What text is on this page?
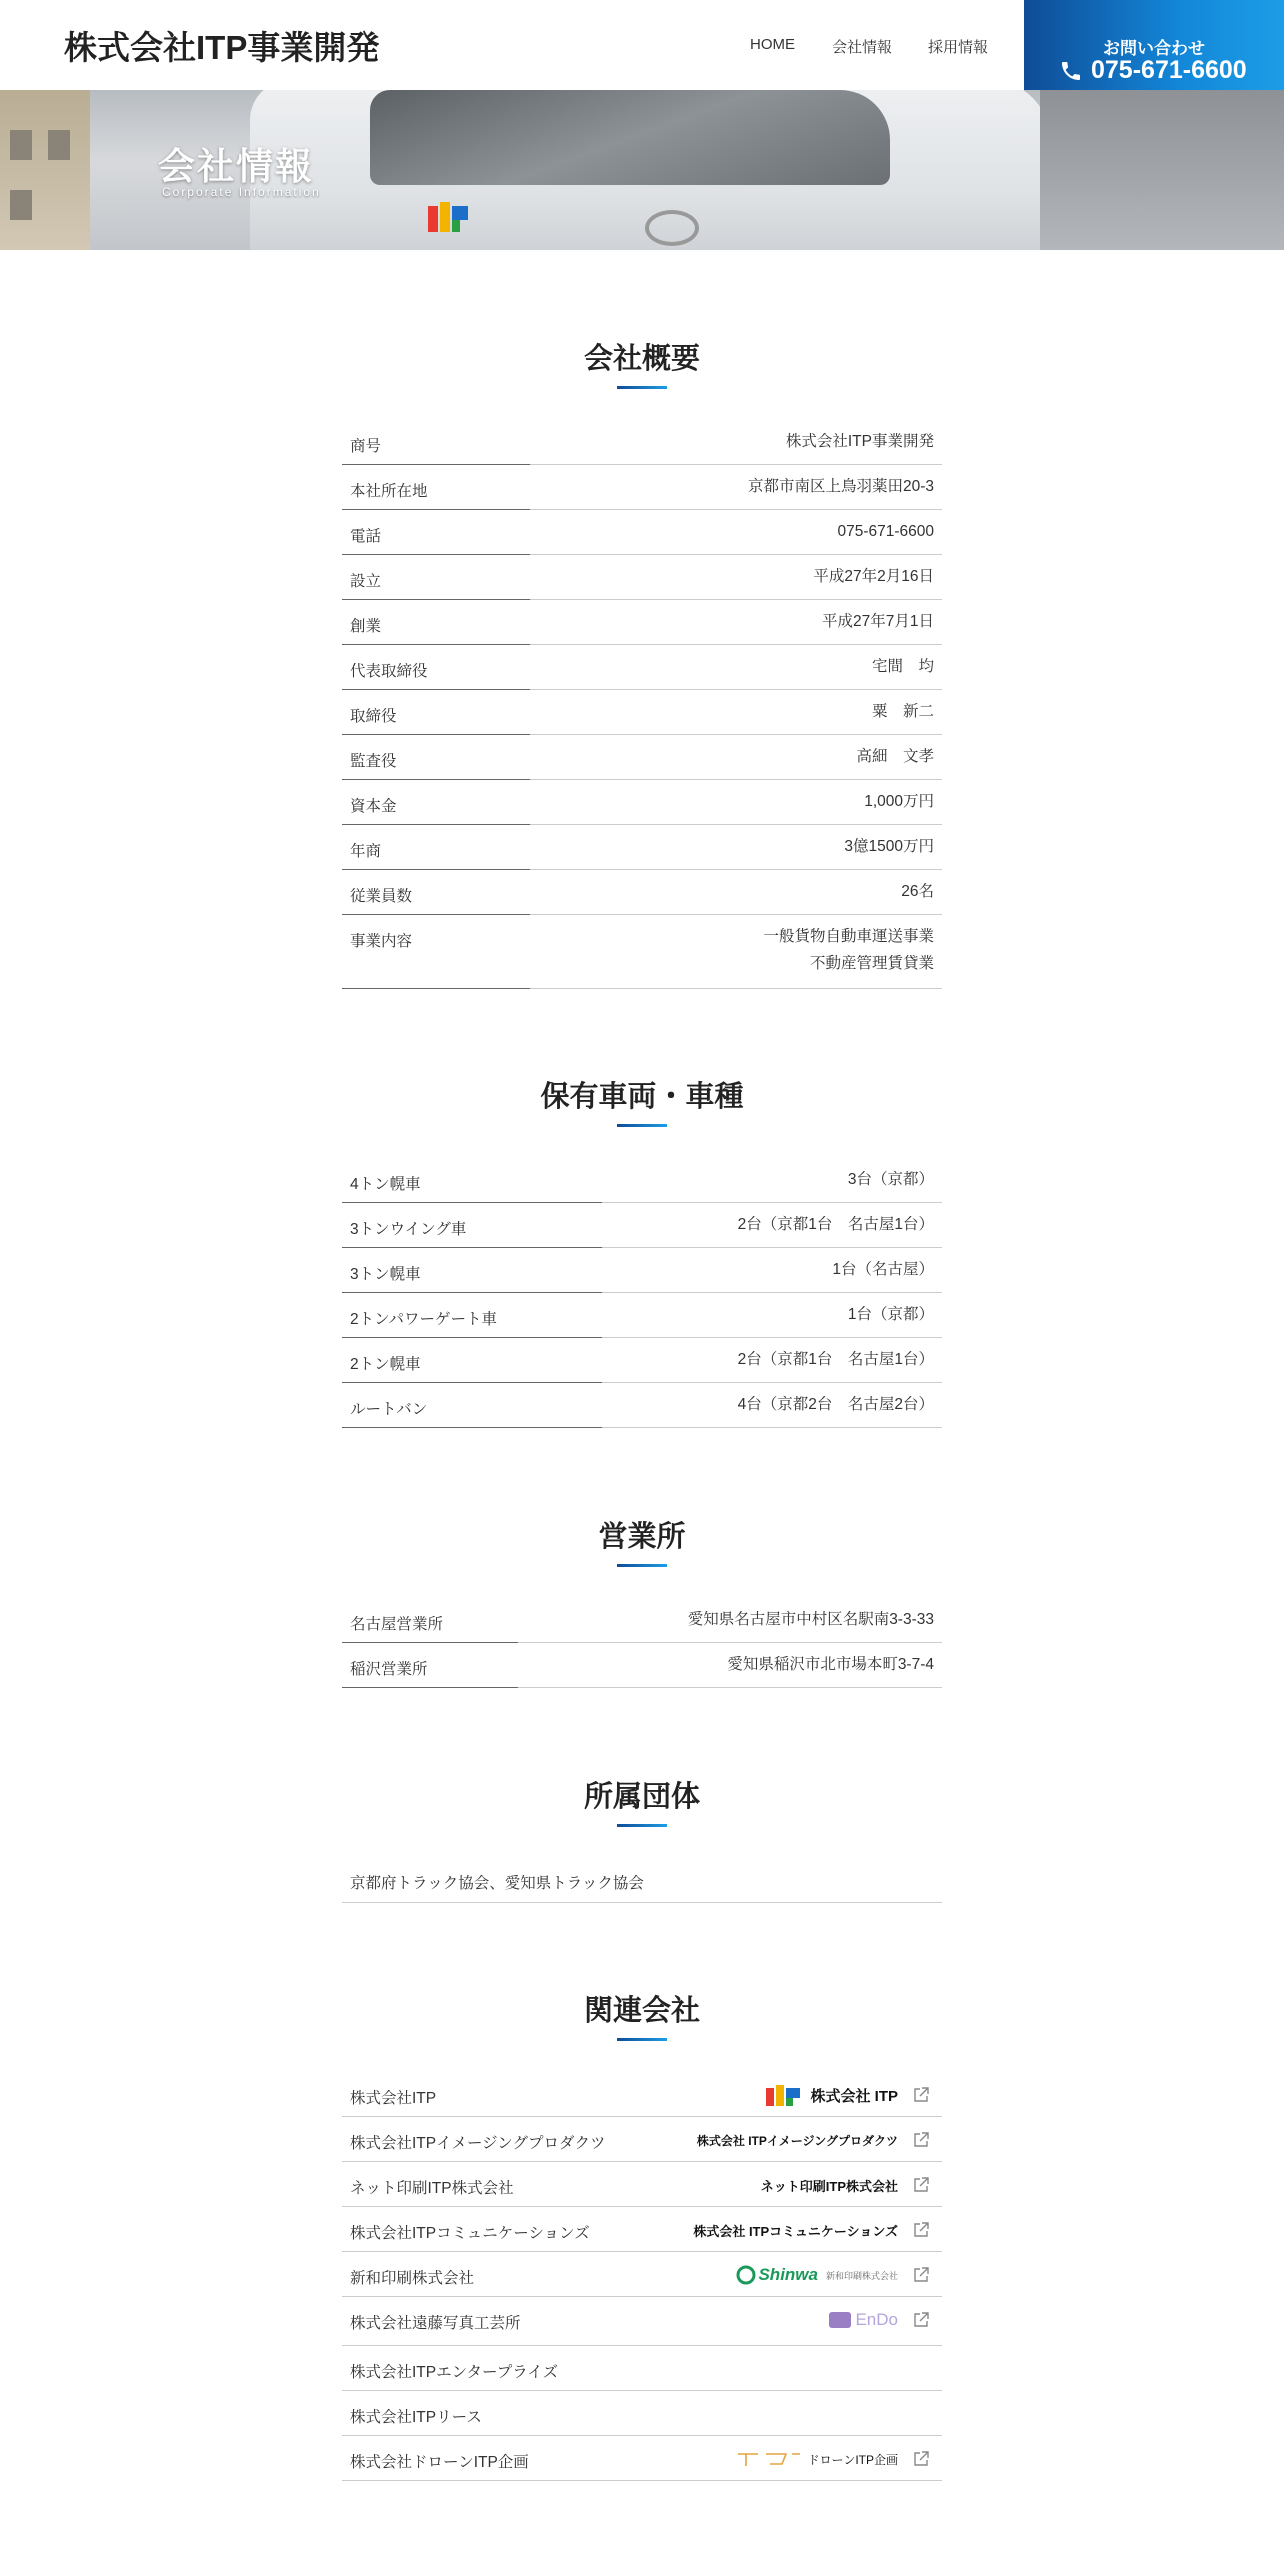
株式会社ITP事業開発	HOME 会社情報 採用情報	お問い合わせ
075-671-6600
会社情報
Corporate Information
会社概要
商号	株式会社ITP事業開発
本社所在地	京都市南区上鳥羽薬田20-3
電話	075-671-6600
設立	平成27年2月16日
創業	平成27年7月1日
代表取締役	宅間　均
取締役	粟　新二
監査役	高細　文孝
資本金	1,000万円
年商	3億1500万円
従業員数	26名
事業内容	一般貨物自動車運送事業
不動産管理賃貸業
保有車両・車種
4トン幌車	3台（京都）
3トンウイング車	2台（京都1台　名古屋1台）
3トン幌車	1台（名古屋）
2トンパワーゲート車	1台（京都）
2トン幌車	2台（京都1台　名古屋1台）
ルートバン	4台（京都2台　名古屋2台）
営業所
名古屋営業所	愛知県名古屋市中村区名駅南3-3-33
稲沢営業所	愛知県稲沢市北市場本町3-7-4
所属団体
京都府トラック協会、愛知県トラック協会
関連会社
株式会社ITP	株式会社 ITP
株式会社ITPイメージングプロダクツ	株式会社 ITPイメージングプロダクツ
ネット印刷ITP株式会社	ネット印刷ITP株式会社
株式会社ITPコミュニケーションズ	株式会社 ITPコミュニケーションズ
新和印刷株式会社	Shinwa 新和印刷株式会社
株式会社遠藤写真工芸所	EnDo
株式会社ITPエンタープライズ
株式会社ITPリース
株式会社ドローンITP企画	ドローンITP企画
